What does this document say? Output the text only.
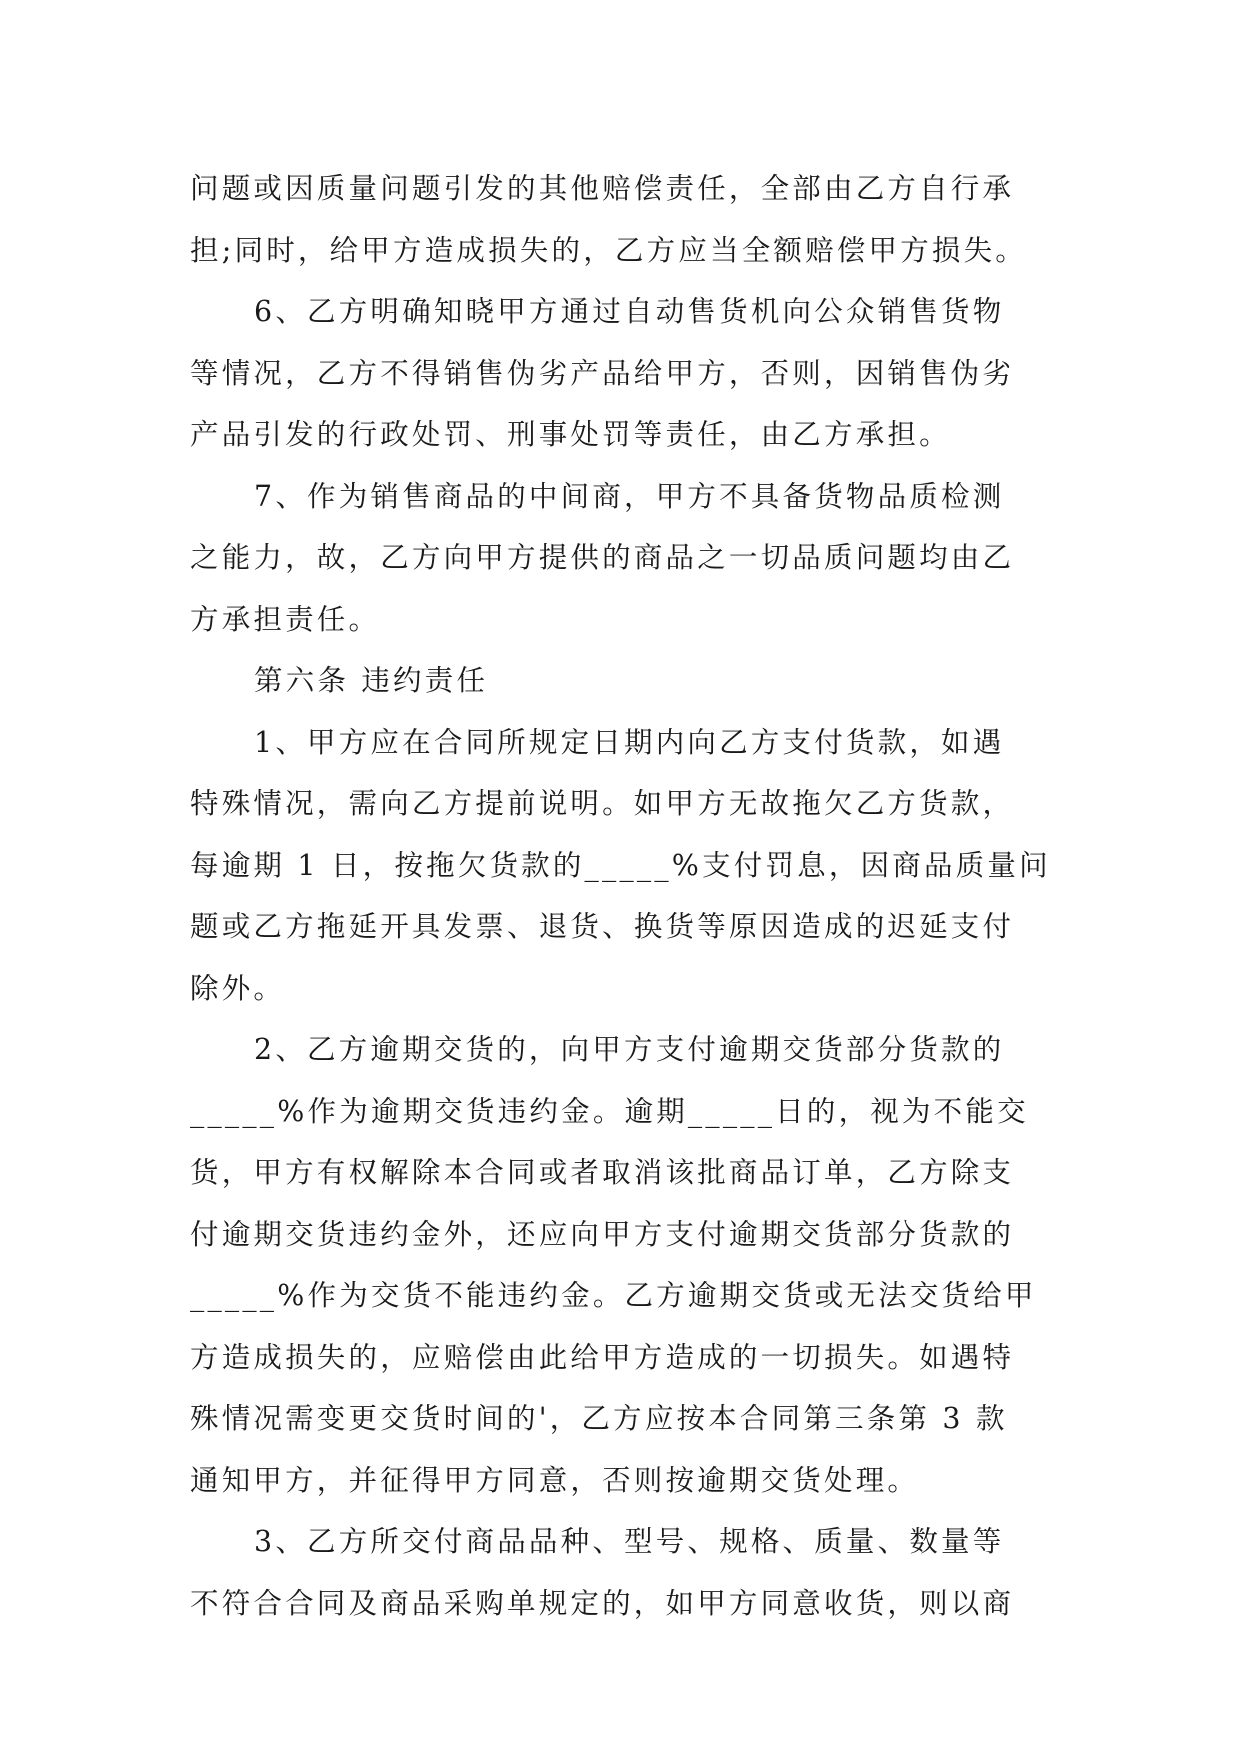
问题或因质量问题引发的其他赔偿责任，全部由乙方自行承
担;同时，给甲方造成损失的，乙方应当全额赔偿甲方损失。
6、乙方明确知晓甲方通过自动售货机向公众销售货物
等情况，乙方不得销售伪劣产品给甲方，否则，因销售伪劣
产品引发的行政处罚、刑事处罚等责任，由乙方承担。
7、作为销售商品的中间商，甲方不具备货物品质检测
之能力，故，乙方向甲方提供的商品之一切品质问题均由乙
方承担责任。
第六条 违约责任
1、甲方应在合同所规定日期内向乙方支付货款，如遇
特殊情况，需向乙方提前说明。如甲方无故拖欠乙方货款，
每逾期 1 日，按拖欠货款的_____%支付罚息，因商品质量问
题或乙方拖延开具发票、退货、换货等原因造成的迟延支付
除外。
2、乙方逾期交货的，向甲方支付逾期交货部分货款的
_____%作为逾期交货违约金。逾期_____日的，视为不能交
货，甲方有权解除本合同或者取消该批商品订单，乙方除支
付逾期交货违约金外，还应向甲方支付逾期交货部分货款的
_____%作为交货不能违约金。乙方逾期交货或无法交货给甲
方造成损失的，应赔偿由此给甲方造成的一切损失。如遇特
殊情况需变更交货时间的'，乙方应按本合同第三条第 3 款
通知甲方，并征得甲方同意，否则按逾期交货处理。
3、乙方所交付商品品种、型号、规格、质量、数量等
不符合合同及商品采购单规定的，如甲方同意收货，则以商
